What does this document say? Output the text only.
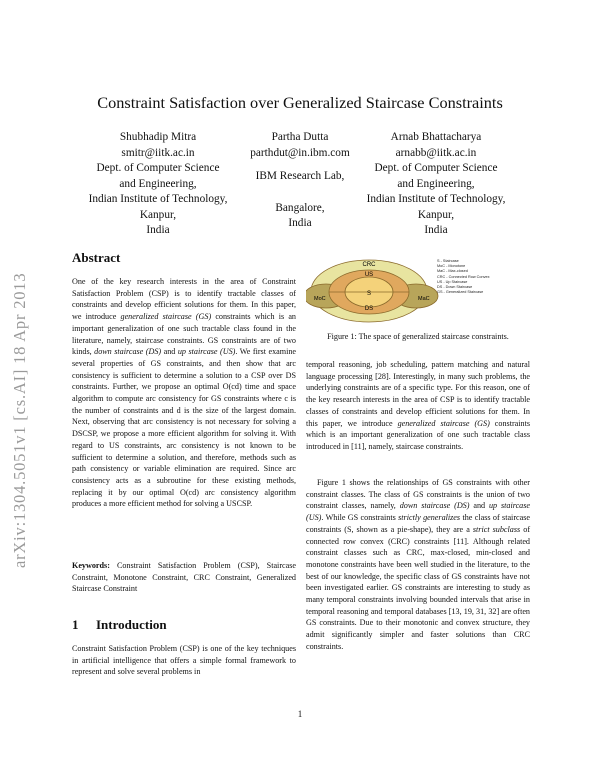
arXiv:1304.5051v1 [cs.AI] 18 Apr 2013
Constraint Satisfaction over Generalized Staircase Constraints
Shubhadip Mitra
smitr@iitk.ac.in
Dept. of Computer Science
and Engineering,
Indian Institute of Technology,
Kanpur,
India
Partha Dutta
parthdut@in.ibm.com
IBM Research Lab,
Bangalore,
India
Arnab Bhattacharya
arnabb@iitk.ac.in
Dept. of Computer Science
and Engineering,
Indian Institute of Technology,
Kanpur,
India
Abstract

One of the key research interests in the area of Constraint Satisfaction Problem (CSP) is to identify tractable classes of constraints and develop efficient solutions for them. In this paper, we introduce generalized staircase (GS) constraints which is an important generalization of one such tractable class found in the literature, namely, staircase constraints. GS constraints are of two kinds, down staircase (DS) and up staircase (US). We first examine several properties of GS constraints, and then show that arc consistency is sufficient to determine a solution to a CSP over DS constraints. Further, we propose an optimal O(cd) time and space algorithm to compute arc consistency for GS constraints where c is the number of constraints and d is the size of the largest domain. Next, observing that arc consistency is not necessary for solving a DSCSP, we propose a more efficient algorithm for solving it. With regard to US constraints, arc consistency is not known to be sufficient to determine a solution, and therefore, methods such as path consistency or variable elimination are required. Since arc consistency acts as a subroutine for these existing methods, replacing it by our optimal O(cd) arc consistency algorithm produces a more efficient method for solving a USCSP.

Keywords: Constraint Satisfaction Problem (CSP), Staircase Constraint, Monotone Constraint, CRC Constraint, Generalized Staircase Constraint

1 Introduction

Constraint Satisfaction Problem (CSP) is one of the key techniques in artificial intelligence that offers a simple formal framework to represent and solve several problems in

CRC
US
S
DS
MoC	MaC
S - Staircase
MoC - Monotone
MaC - Max-closed
CRC - Connected Row Convex
US - Up Staircase
DS - Down Staircase
GS - Generalized Staircase
Figure 1: The space of generalized staircase constraints.

temporal reasoning, job scheduling, pattern matching and natural language processing [28]. Interestingly, in many such problems, the underlying constraints are of a specific type. For this reason, one of the key research interests in the area of CSP is to identify tractable classes of constraints and develop efficient solutions for them. In this paper, we introduce generalized staircase (GS) constraints which is an important generalization of one such tractable class introduced in [11], namely, staircase constraints.

Figure 1 shows the relationships of GS constraints with other constraint classes. The class of GS constraints is the union of two constraint classes, namely, down staircase (DS) and up staircase (US). While GS constraints strictly generalizes the class of staircase constraints (S, shown as a pie-shape), they are a strict subclass of connected row convex (CRC) constraints [11]. Although related constraint classes such as CRC, max-closed, min-closed and monotone constraints have been well studied in the literature, to the best of our knowledge, the specific class of GS constraints have not been investigated earlier. GS constraints are interesting to study as many temporal constraints involving bounded intervals that arise in temporal reasoning and temporal databases [13, 19, 31, 32] are often GS constraints. Due to their monotonic and convex structure, they admit significantly simpler and faster solutions than CRC constraints.

1
